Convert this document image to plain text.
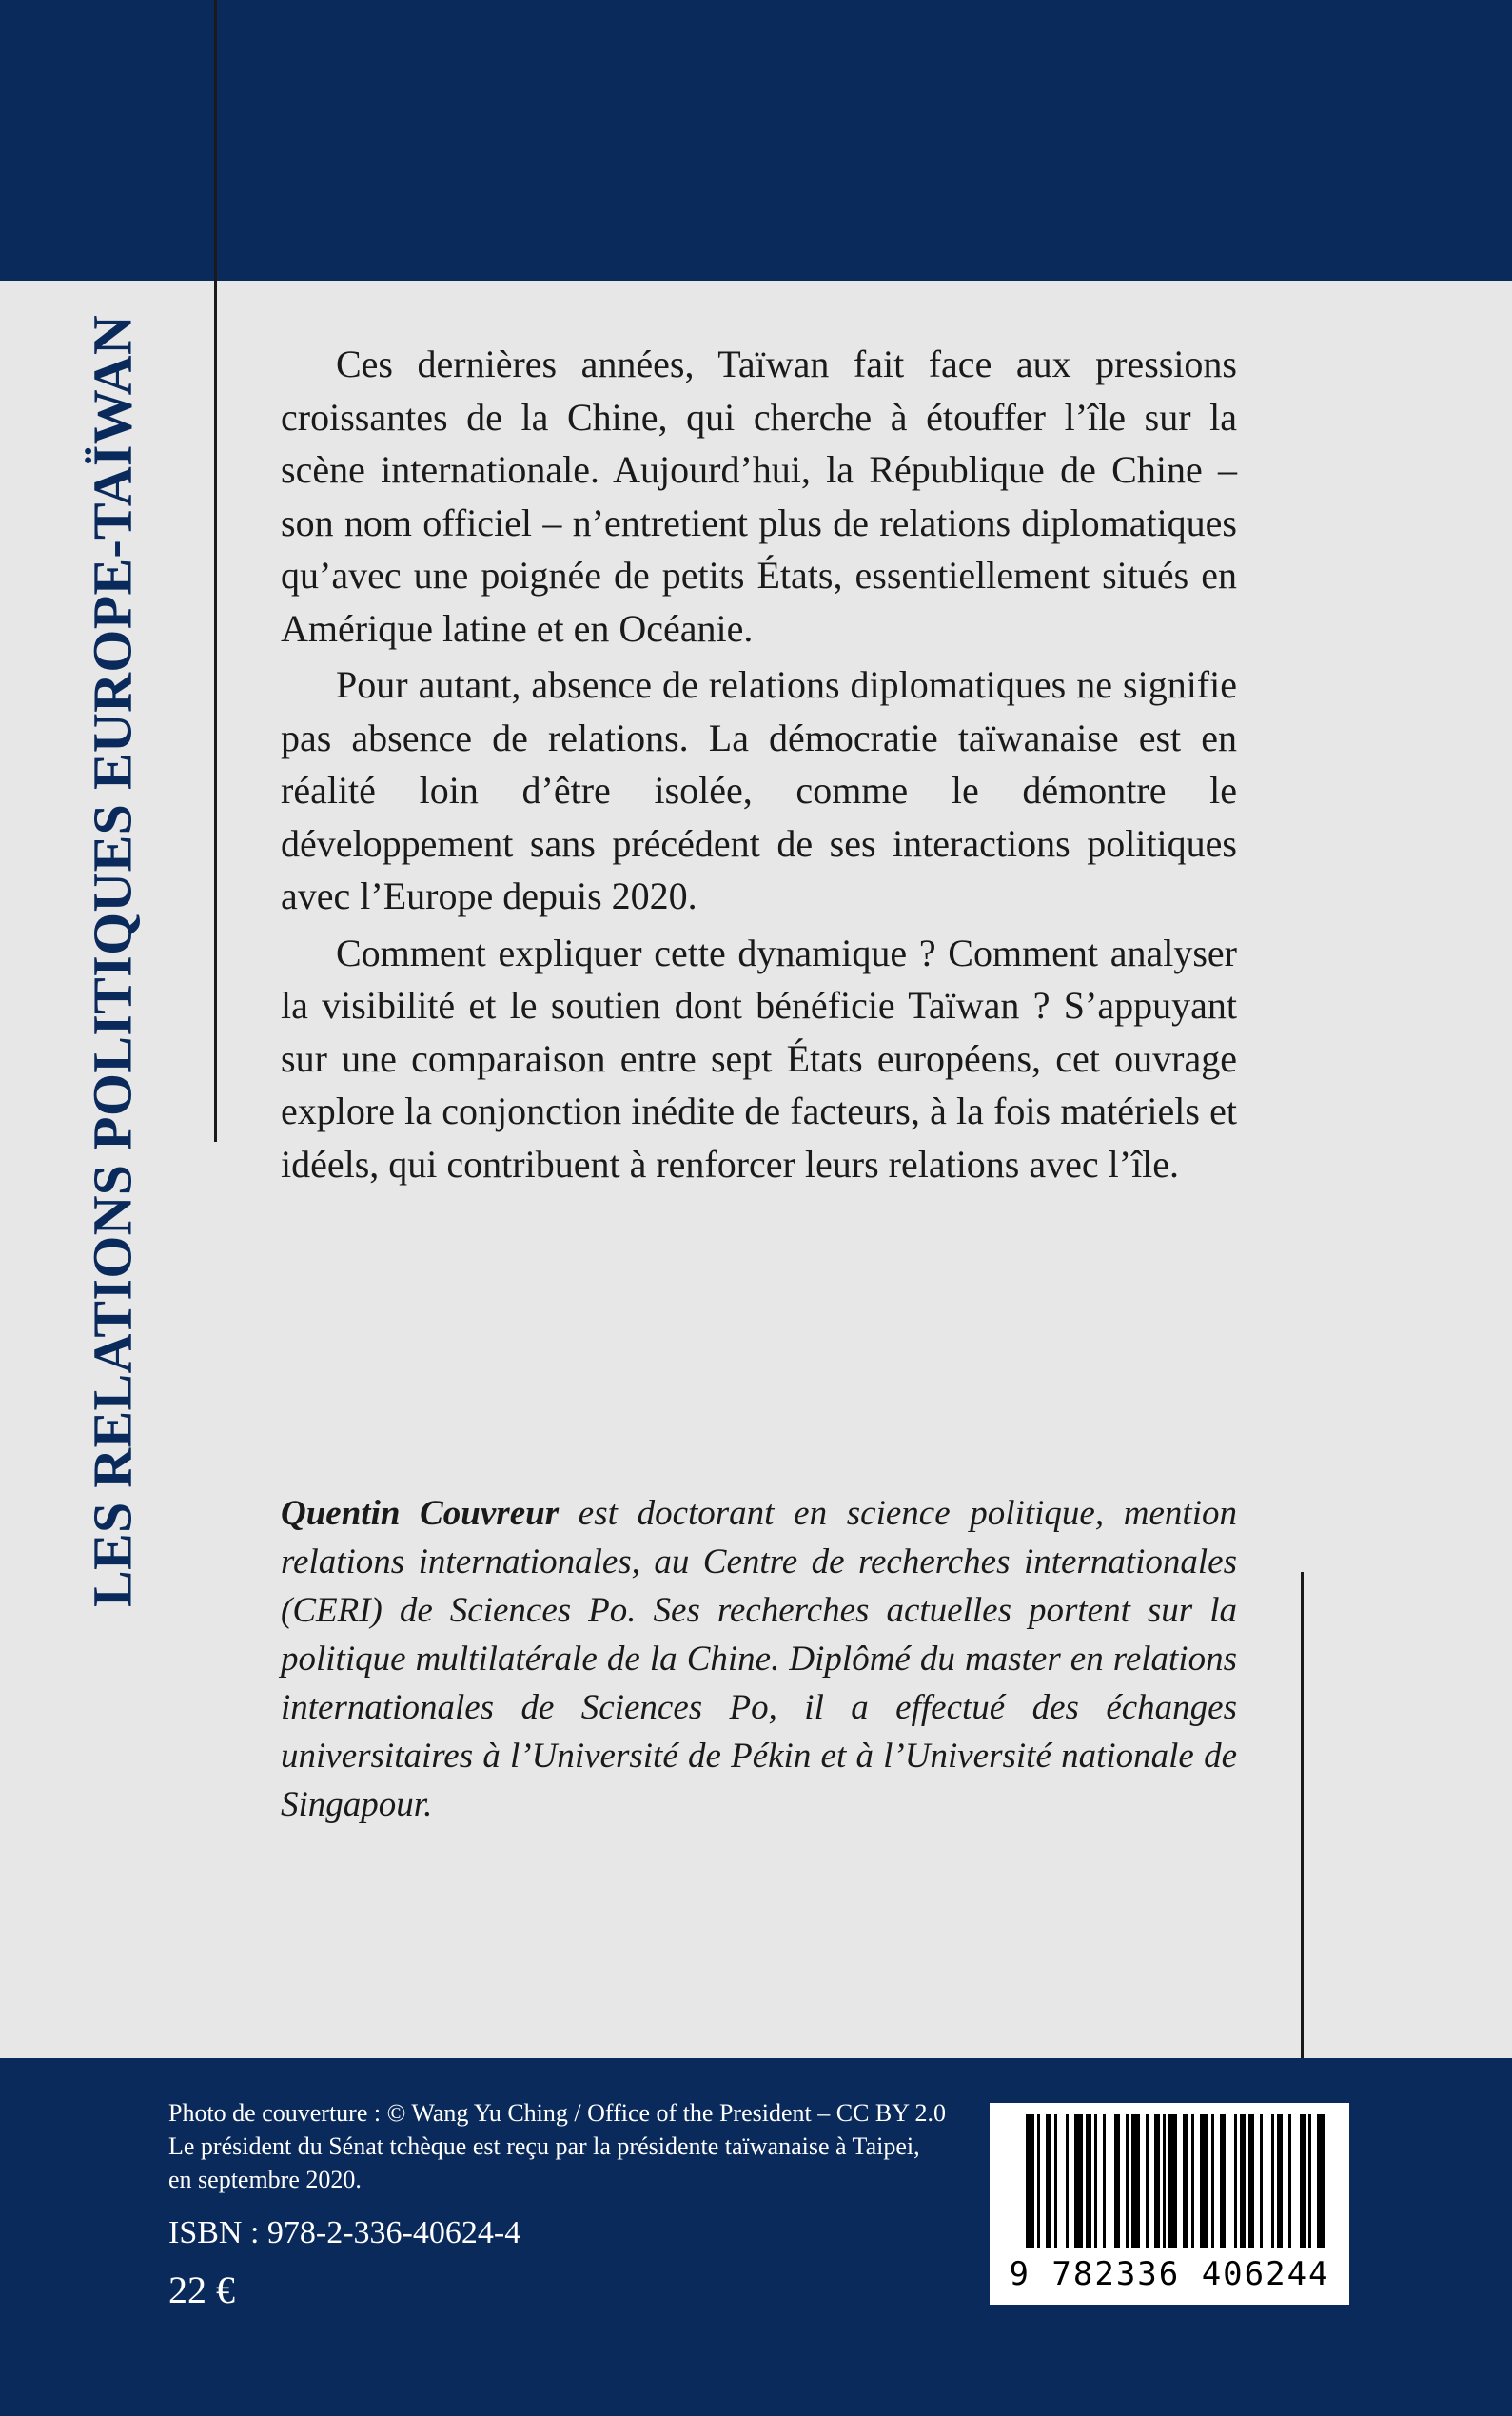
LES RELATIONS POLITIQUES EUROPE-TAÏWAN	Ces dernières années, Taïwan fait face aux pressions croissantes de la Chine, qui cherche à étouffer l’île sur la scène internationale. Aujourd’hui, la République de Chine – son nom officiel – n’entretient plus de relations diplomatiques qu’avec une poignée de petits États, essentiellement situés en Amérique latine et en Océanie.

Pour autant, absence de relations diplomatiques ne signifie pas absence de relations. La démocratie taïwanaise est en réalité loin d’être isolée, comme le démontre le développement sans précédent de ses interactions politiques avec l’Europe depuis 2020.

Comment expliquer cette dynamique ? Comment analyser la visibilité et le soutien dont bénéficie Taïwan ? S’appuyant sur une comparaison entre sept États européens, cet ouvrage explore la conjonction inédite de facteurs, à la fois matériels et idéels, qui contribuent à renforcer leurs relations avec l’île.

Quentin Couvreur est doctorant en science politique, mention relations internationales, au Centre de recherches internationales (CERI) de Sciences Po. Ses recherches actuelles portent sur la politique multilatérale de la Chine. Diplômé du master en relations internationales de Sciences Po, il a effectué des échanges universitaires à l’Université de Pékin et à l’Université nationale de Singapour.

Photo de couverture : © Wang Yu Ching / Office of the President – CC BY 2.0
Le président du Sénat tchèque est reçu par la présidente taïwanaise à Taipei,
en septembre 2020.
ISBN : 978-2-336-40624-4
22 €	9 782336 406244
